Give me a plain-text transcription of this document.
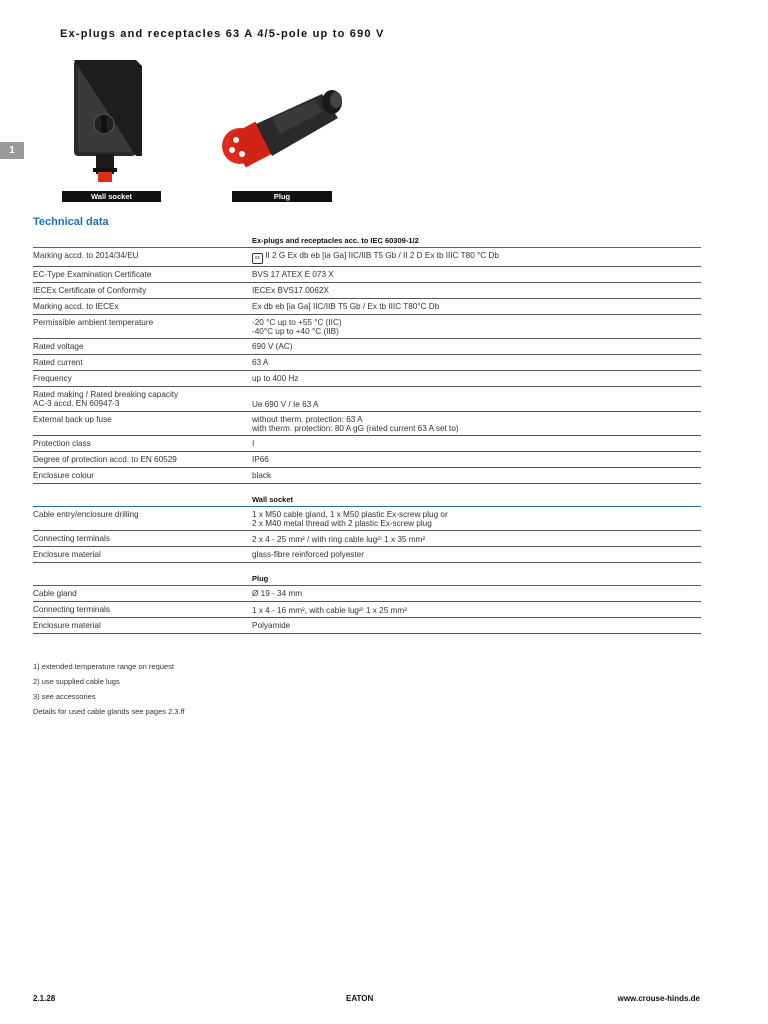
Ex-plugs and receptacles 63 A 4/5-pole up to 690 V
1
Wall socket	Plug
Technical data
Ex-plugs and receptacles acc. to IEC 60309-1/2
Marking accd. to 2014/34/EU	εx II 2 G Ex db eb [ia Ga] IIC/IIB T5 Gb / II 2 D Ex tb IIIC T80 °C Db
EC-Type Examination Certificate	BVS 17 ATEX E 073 X
IECEx Certificate of Conformity	IECEx BVS17.0062X
Marking accd. to IECEx	Ex db eb [ia Ga] IIC/IIB T5 Gb / Ex tb IIIC T80°C Db
Permissible ambient temperature	-20 °C up to +55 °C (IIC)
-40°C up to +40 °C (IIB)
Rated voltage	690 V (AC)
Rated current	63 A
Frequency	up to 400 Hz
Rated making / Rated breaking capacity AC-3 accd. EN 60947-3
	Ue 690 V / Ie 63 A
External back up fuse	without therm. protection: 63 A
with therm. protection: 80 A gG (rated current 63 A set to)
Protection class	I
Degree of protection accd. to EN 60529	IP66
Enclosure colour	black
Wall socket
Cable entry/enclosure drilling	1 x M50 cable gland, 1 x M50 plastic Ex-screw plug or
2 x M40 metal thread with 2 plastic Ex-screw plug
Connecting terminals	2 x 4 - 25 mm² / with ring cable lug²⁾ 1 x 35 mm²
Enclosure material	glass-fibre reinforced polyester
Plug
Cable gland	Ø 19 - 34 mm
Connecting terminals	1 x 4 - 16 mm², with cable lug²⁾ 1 x 25 mm²
Enclosure material	Polyamide
1) extended temperature range on request
2) use supplied cable lugs
3) see accessories
Details for used cable glands see pages 2.3.ff
2.1.28	EATON	www.crouse-hinds.de
